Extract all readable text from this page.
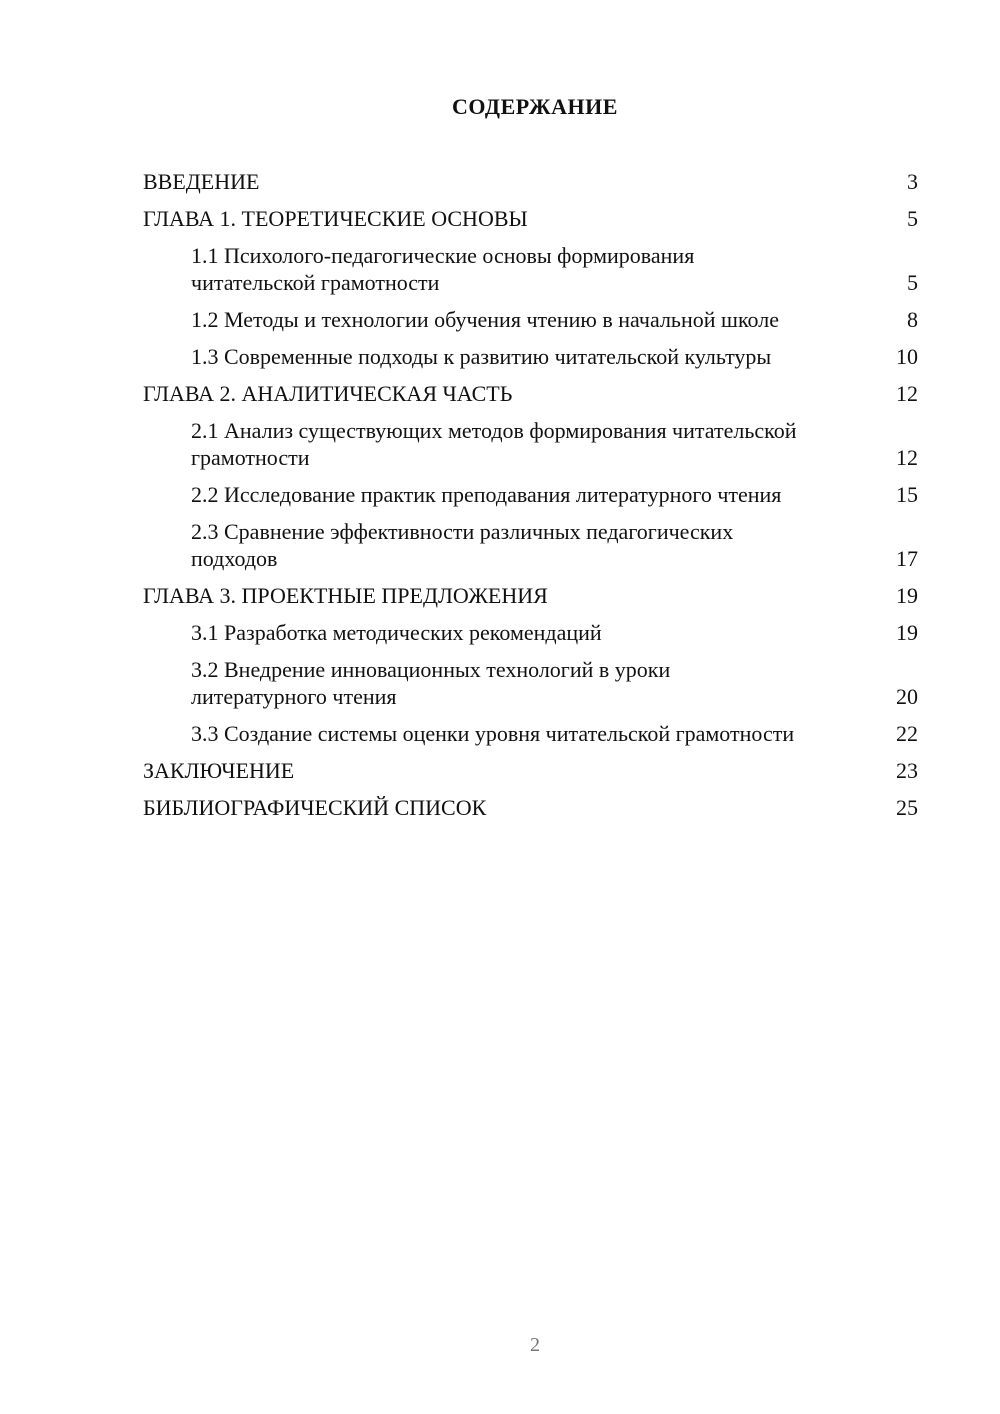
СОДЕРЖАНИЕ
ВВЕДЕНИЕ	3
ГЛАВА 1. ТЕОРЕТИЧЕСКИЕ ОСНОВЫ	5
1.1 Психолого-педагогические основы формирования читательской грамотности	5
1.2 Методы и технологии обучения чтению в начальной школе	8
1.3 Современные подходы к развитию читательской культуры	10
ГЛАВА 2. АНАЛИТИЧЕСКАЯ ЧАСТЬ	12
2.1 Анализ существующих методов формирования читательской грамотности	12
2.2 Исследование практик преподавания литературного чтения	15
2.3 Сравнение эффективности различных педагогических подходов	17
ГЛАВА 3. ПРОЕКТНЫЕ ПРЕДЛОЖЕНИЯ	19
3.1 Разработка методических рекомендаций	19
3.2 Внедрение инновационных технологий в уроки литературного чтения	20
3.3 Создание системы оценки уровня читательской грамотности	22
ЗАКЛЮЧЕНИЕ	23
БИБЛИОГРАФИЧЕСКИЙ СПИСОК	25
2
